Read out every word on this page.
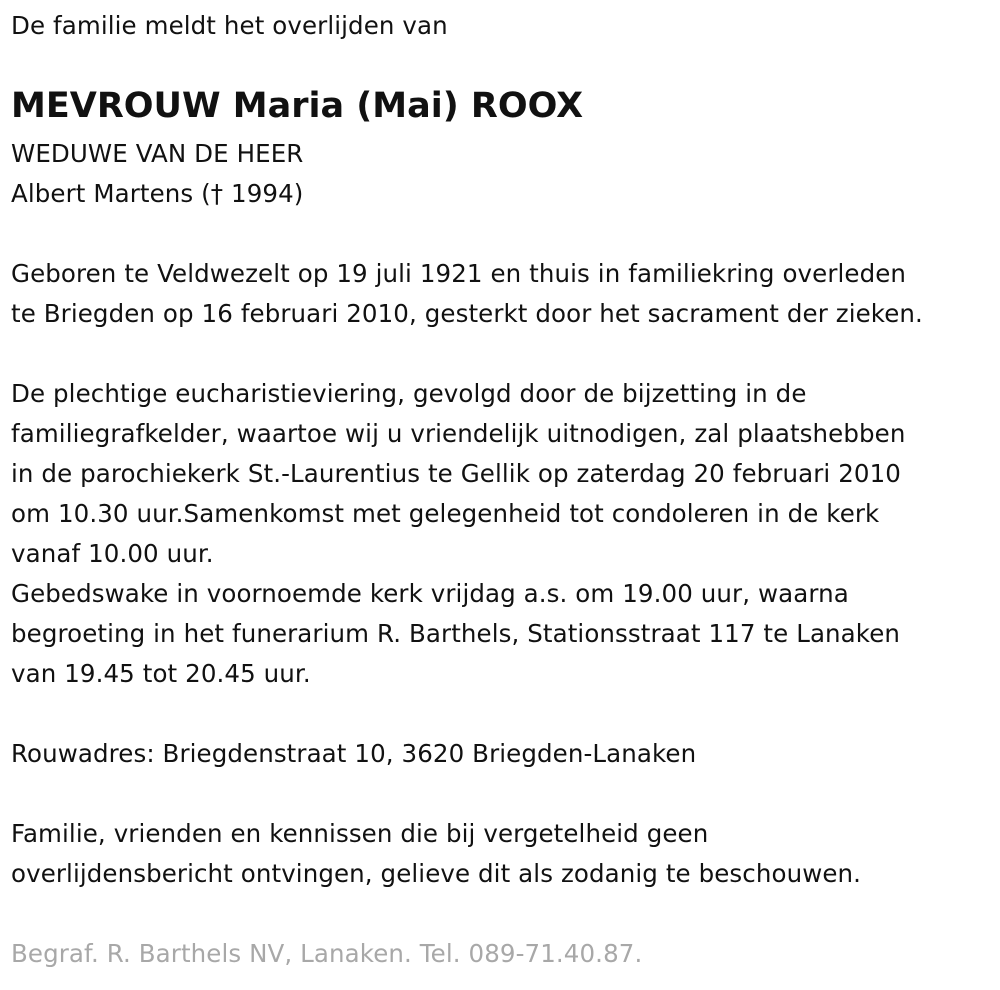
De familie meldt het overlijden van
MEVROUW Maria (Mai) ROOX
WEDUWE VAN DE HEER
Albert Martens († 1994)
Geboren te Veldwezelt op 19 juli 1921 en thuis in familiekring overleden
te Briegden op 16 februari 2010, gesterkt door het sacrament der zieken.
De plechtige eucharistieviering, gevolgd door de bijzetting in de
familiegrafkelder, waartoe wij u vriendelijk uitnodigen, zal plaatshebben
in de parochiekerk St.-Laurentius te Gellik op zaterdag 20 februari 2010
om 10.30 uur.Samenkomst met gelegenheid tot condoleren in de kerk
vanaf 10.00 uur.
Gebedswake in voornoemde kerk vrijdag a.s. om 19.00 uur, waarna
begroeting in het funerarium R. Barthels, Stationsstraat 117 te Lanaken
van 19.45 tot 20.45 uur.
Rouwadres: Briegdenstraat 10, 3620 Briegden-Lanaken
Familie, vrienden en kennissen die bij vergetelheid geen
overlijdensbericht ontvingen, gelieve dit als zodanig te beschouwen.
Begraf. R. Barthels NV, Lanaken. Tel. 089-71.40.87.
